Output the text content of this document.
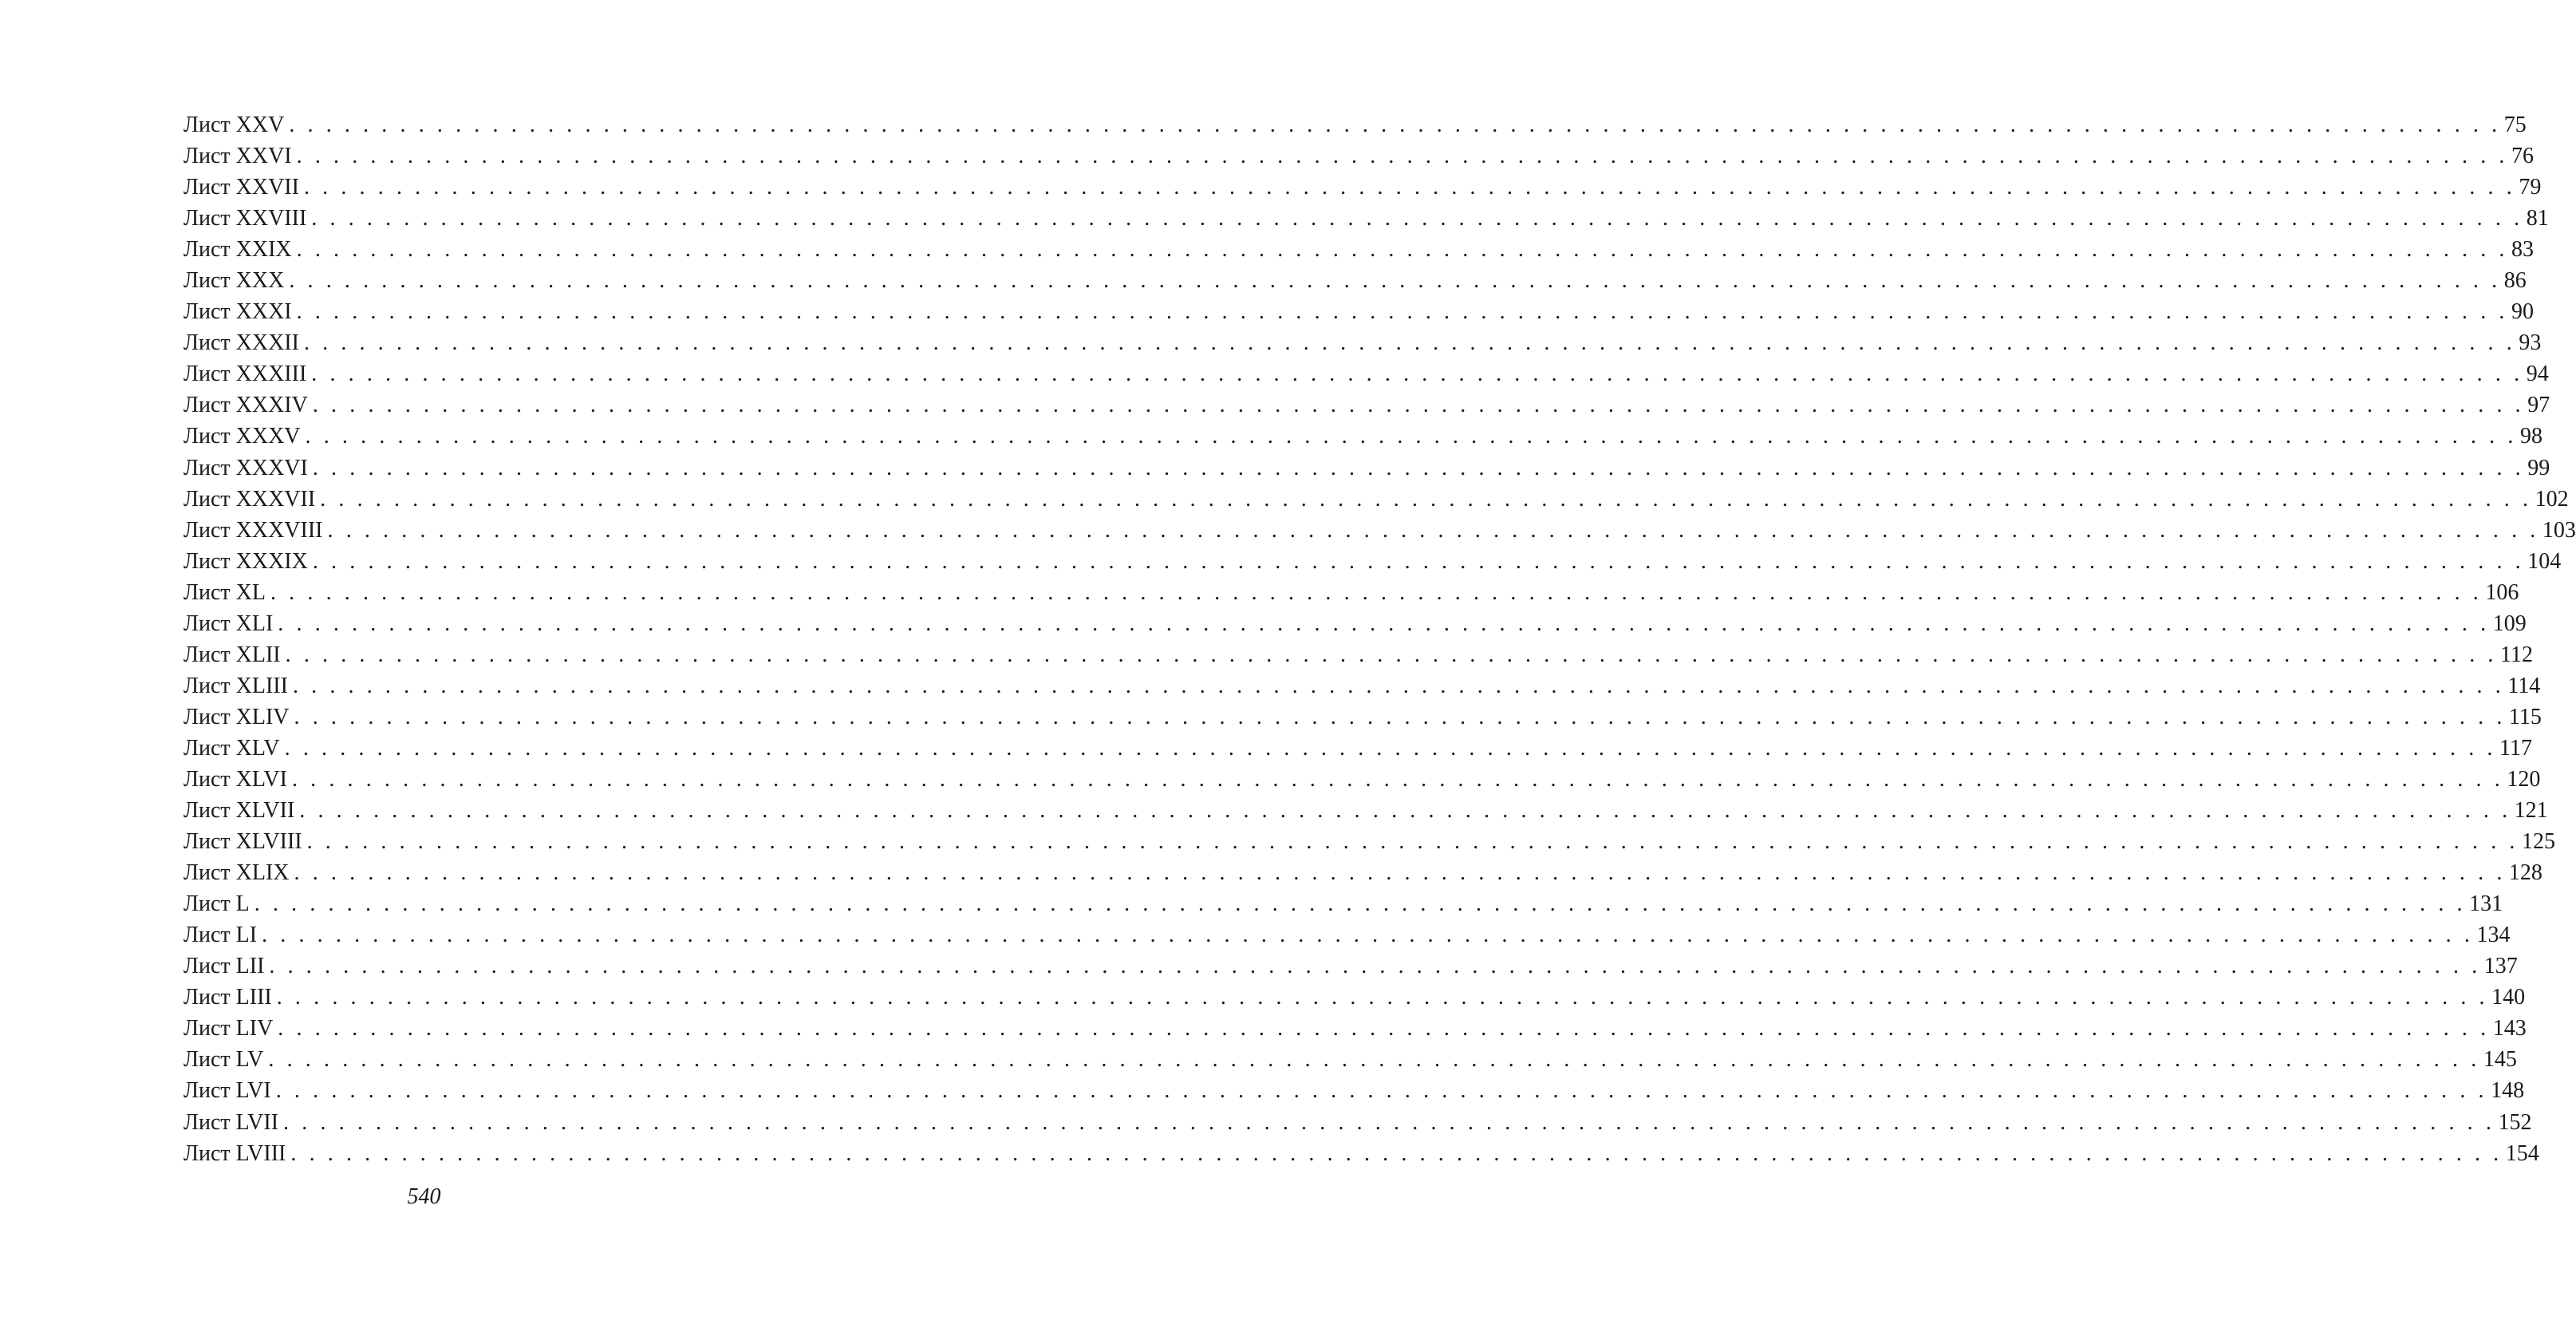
Лист XXV . . . . . . . . . . . . . . . . . . . . . . . . . . . . . . . . . . . . . . . . . . . . . . . . . . . . . . . . . . . . . . . . . . . . . . . . . . . . . . . . . . . . . . . . . . . . . . . . . . . . . . . . . . . . . . . . . . . . . . . . 75
Лист XXVI . . . . . . . . . . . . . . . . . . . . . . . . . . . . . . . . . . . . . . . . . . . . . . . . . . . . . . . . . . . . . . . . . . . . . . . . . . . . . . . . . . . . . . . . . . . . . . . . . . . . . . . . . . . . . . . . . . . . . . . . 76
Лист XXVII . . . . . . . . . . . . . . . . . . . . . . . . . . . . . . . . . . . . . . . . . . . . . . . . . . . . . . . . . . . . . . . . . . . . . . . . . . . . . . . . . . . . . . . . . . . . . . . . . . . . . . . . . . . . . . . . . . . . . . . . 79
Лист XXVIII . . . . . . . . . . . . . . . . . . . . . . . . . . . . . . . . . . . . . . . . . . . . . . . . . . . . . . . . . . . . . . . . . . . . . . . . . . . . . . . . . . . . . . . . . . . . . . . . . . . . . . . . . . . . . . . . . . . . . . . . 81
Лист XXIX . . . . . . . . . . . . . . . . . . . . . . . . . . . . . . . . . . . . . . . . . . . . . . . . . . . . . . . . . . . . . . . . . . . . . . . . . . . . . . . . . . . . . . . . . . . . . . . . . . . . . . . . . . . . . . . . . . . . . . . . 83
Лист XXX . . . . . . . . . . . . . . . . . . . . . . . . . . . . . . . . . . . . . . . . . . . . . . . . . . . . . . . . . . . . . . . . . . . . . . . . . . . . . . . . . . . . . . . . . . . . . . . . . . . . . . . . . . . . . . . . . . . . . . . . 86
Лист XXXI . . . . . . . . . . . . . . . . . . . . . . . . . . . . . . . . . . . . . . . . . . . . . . . . . . . . . . . . . . . . . . . . . . . . . . . . . . . . . . . . . . . . . . . . . . . . . . . . . . . . . . . . . . . . . . . . . . . . . . . . 90
Лист XXXII . . . . . . . . . . . . . . . . . . . . . . . . . . . . . . . . . . . . . . . . . . . . . . . . . . . . . . . . . . . . . . . . . . . . . . . . . . . . . . . . . . . . . . . . . . . . . . . . . . . . . . . . . . . . . . . . . . . . . . . . 93
Лист XXXIII . . . . . . . . . . . . . . . . . . . . . . . . . . . . . . . . . . . . . . . . . . . . . . . . . . . . . . . . . . . . . . . . . . . . . . . . . . . . . . . . . . . . . . . . . . . . . . . . . . . . . . . . . . . . . . . . . . . . . . . . 94
Лист XXXIV . . . . . . . . . . . . . . . . . . . . . . . . . . . . . . . . . . . . . . . . . . . . . . . . . . . . . . . . . . . . . . . . . . . . . . . . . . . . . . . . . . . . . . . . . . . . . . . . . . . . . . . . . . . . . . . . . . . . . . . . 97
Лист XXXV . . . . . . . . . . . . . . . . . . . . . . . . . . . . . . . . . . . . . . . . . . . . . . . . . . . . . . . . . . . . . . . . . . . . . . . . . . . . . . . . . . . . . . . . . . . . . . . . . . . . . . . . . . . . . . . . . . . . . . . . 98
Лист XXXVI . . . . . . . . . . . . . . . . . . . . . . . . . . . . . . . . . . . . . . . . . . . . . . . . . . . . . . . . . . . . . . . . . . . . . . . . . . . . . . . . . . . . . . . . . . . . . . . . . . . . . . . . . . . . . . . . . . . . . . . . 99
Лист XXXVII . . . . . . . . . . . . . . . . . . . . . . . . . . . . . . . . . . . . . . . . . . . . . . . . . . . . . . . . . . . . . . . . . . . . . . . . . . . . . . . . . . . . . . . . . . . . . . . . . . . . . . . . . . . . . . . . . . . . . . . . 102
Лист XXXVIII . . . . . . . . . . . . . . . . . . . . . . . . . . . . . . . . . . . . . . . . . . . . . . . . . . . . . . . . . . . . . . . . . . . . . . . . . . . . . . . . . . . . . . . . . . . . . . . . . . . . . . . . . . . . . . . . . . . . . . . . 103
Лист XXXIX . . . . . . . . . . . . . . . . . . . . . . . . . . . . . . . . . . . . . . . . . . . . . . . . . . . . . . . . . . . . . . . . . . . . . . . . . . . . . . . . . . . . . . . . . . . . . . . . . . . . . . . . . . . . . . . . . . . . . . . . 104
Лист XL . . . . . . . . . . . . . . . . . . . . . . . . . . . . . . . . . . . . . . . . . . . . . . . . . . . . . . . . . . . . . . . . . . . . . . . . . . . . . . . . . . . . . . . . . . . . . . . . . . . . . . . . . . . . . . . . . . . . . . . . 106
Лист XLI . . . . . . . . . . . . . . . . . . . . . . . . . . . . . . . . . . . . . . . . . . . . . . . . . . . . . . . . . . . . . . . . . . . . . . . . . . . . . . . . . . . . . . . . . . . . . . . . . . . . . . . . . . . . . . . . . . . . . . . . 109
Лист XLII . . . . . . . . . . . . . . . . . . . . . . . . . . . . . . . . . . . . . . . . . . . . . . . . . . . . . . . . . . . . . . . . . . . . . . . . . . . . . . . . . . . . . . . . . . . . . . . . . . . . . . . . . . . . . . . . . . . . . . . . 112
Лист XLIII . . . . . . . . . . . . . . . . . . . . . . . . . . . . . . . . . . . . . . . . . . . . . . . . . . . . . . . . . . . . . . . . . . . . . . . . . . . . . . . . . . . . . . . . . . . . . . . . . . . . . . . . . . . . . . . . . . . . . . . . 114
Лист XLIV . . . . . . . . . . . . . . . . . . . . . . . . . . . . . . . . . . . . . . . . . . . . . . . . . . . . . . . . . . . . . . . . . . . . . . . . . . . . . . . . . . . . . . . . . . . . . . . . . . . . . . . . . . . . . . . . . . . . . . . . 115
Лист XLV . . . . . . . . . . . . . . . . . . . . . . . . . . . . . . . . . . . . . . . . . . . . . . . . . . . . . . . . . . . . . . . . . . . . . . . . . . . . . . . . . . . . . . . . . . . . . . . . . . . . . . . . . . . . . . . . . . . . . . . . 117
Лист XLVI . . . . . . . . . . . . . . . . . . . . . . . . . . . . . . . . . . . . . . . . . . . . . . . . . . . . . . . . . . . . . . . . . . . . . . . . . . . . . . . . . . . . . . . . . . . . . . . . . . . . . . . . . . . . . . . . . . . . . . . . 120
Лист XLVII . . . . . . . . . . . . . . . . . . . . . . . . . . . . . . . . . . . . . . . . . . . . . . . . . . . . . . . . . . . . . . . . . . . . . . . . . . . . . . . . . . . . . . . . . . . . . . . . . . . . . . . . . . . . . . . . . . . . . . . . 121
Лист XLVIII . . . . . . . . . . . . . . . . . . . . . . . . . . . . . . . . . . . . . . . . . . . . . . . . . . . . . . . . . . . . . . . . . . . . . . . . . . . . . . . . . . . . . . . . . . . . . . . . . . . . . . . . . . . . . . . . . . . . . . . . 125
Лист XLIX . . . . . . . . . . . . . . . . . . . . . . . . . . . . . . . . . . . . . . . . . . . . . . . . . . . . . . . . . . . . . . . . . . . . . . . . . . . . . . . . . . . . . . . . . . . . . . . . . . . . . . . . . . . . . . . . . . . . . . . . 128
Лист L . . . . . . . . . . . . . . . . . . . . . . . . . . . . . . . . . . . . . . . . . . . . . . . . . . . . . . . . . . . . . . . . . . . . . . . . . . . . . . . . . . . . . . . . . . . . . . . . . . . . . . . . . . . . . . . . . . . . . . . . 131
Лист LI . . . . . . . . . . . . . . . . . . . . . . . . . . . . . . . . . . . . . . . . . . . . . . . . . . . . . . . . . . . . . . . . . . . . . . . . . . . . . . . . . . . . . . . . . . . . . . . . . . . . . . . . . . . . . . . . . . . . . . . . 134
Лист LII . . . . . . . . . . . . . . . . . . . . . . . . . . . . . . . . . . . . . . . . . . . . . . . . . . . . . . . . . . . . . . . . . . . . . . . . . . . . . . . . . . . . . . . . . . . . . . . . . . . . . . . . . . . . . . . . . . . . . . . . 137
Лист LIII . . . . . . . . . . . . . . . . . . . . . . . . . . . . . . . . . . . . . . . . . . . . . . . . . . . . . . . . . . . . . . . . . . . . . . . . . . . . . . . . . . . . . . . . . . . . . . . . . . . . . . . . . . . . . . . . . . . . . . . . 140
Лист LIV . . . . . . . . . . . . . . . . . . . . . . . . . . . . . . . . . . . . . . . . . . . . . . . . . . . . . . . . . . . . . . . . . . . . . . . . . . . . . . . . . . . . . . . . . . . . . . . . . . . . . . . . . . . . . . . . . . . . . . . . 143
Лист LV . . . . . . . . . . . . . . . . . . . . . . . . . . . . . . . . . . . . . . . . . . . . . . . . . . . . . . . . . . . . . . . . . . . . . . . . . . . . . . . . . . . . . . . . . . . . . . . . . . . . . . . . . . . . . . . . . . . . . . . . 145
Лист LVI . . . . . . . . . . . . . . . . . . . . . . . . . . . . . . . . . . . . . . . . . . . . . . . . . . . . . . . . . . . . . . . . . . . . . . . . . . . . . . . . . . . . . . . . . . . . . . . . . . . . . . . . . . . . . . . . . . . . . . . . 148
Лист LVII . . . . . . . . . . . . . . . . . . . . . . . . . . . . . . . . . . . . . . . . . . . . . . . . . . . . . . . . . . . . . . . . . . . . . . . . . . . . . . . . . . . . . . . . . . . . . . . . . . . . . . . . . . . . . . . . . . . . . . . . 152
Лист LVIII . . . . . . . . . . . . . . . . . . . . . . . . . . . . . . . . . . . . . . . . . . . . . . . . . . . . . . . . . . . . . . . . . . . . . . . . . . . . . . . . . . . . . . . . . . . . . . . . . . . . . . . . . . . . . . . . . . . . . . . . 154
540
